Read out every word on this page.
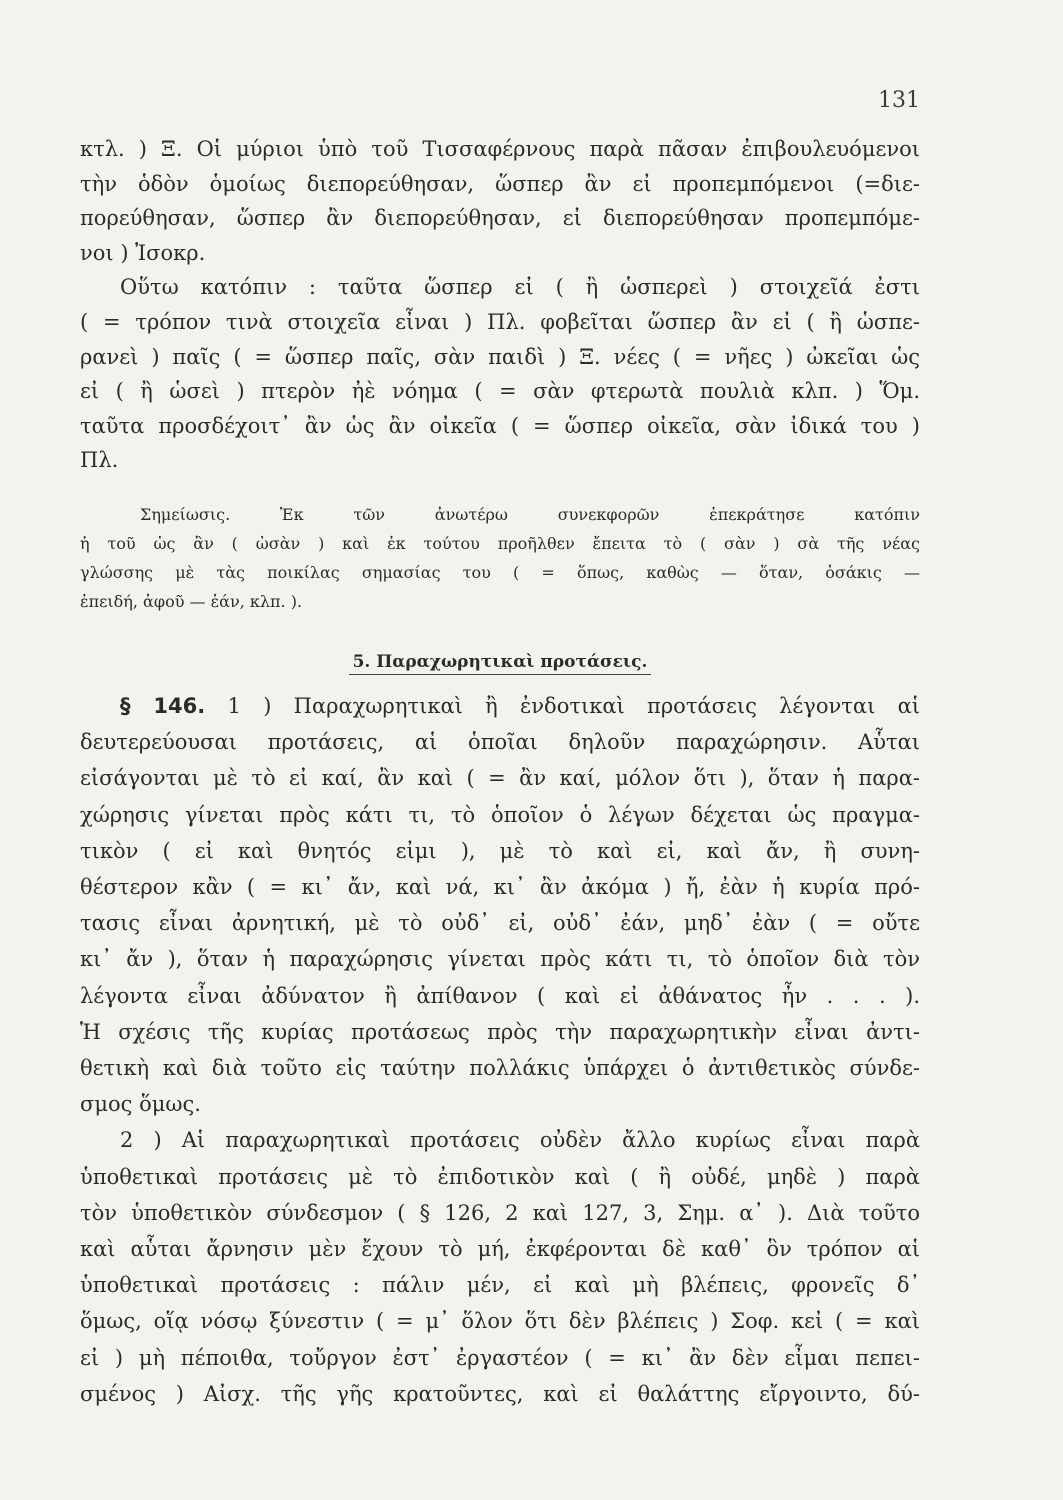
131
κτλ. ) Ξ. Οἱ μύριοι ὑπὸ τοῦ Τισσαφέρνους παρὰ πᾶσαν ἐπιβουλευόμενοι
τὴν ὁδὸν ὁμοίως διεπορεύθησαν, ὥσπερ ἂν εἰ προπεμπόμενοι (=διε-
πορεύθησαν, ὥσπερ ἂν διεπορεύθησαν, εἰ διεπορεύθησαν προπεμπόμε-
νοι ) Ἰσοκρ.
Οὕτω κατόπιν : ταῦτα ὥσπερ εἰ ( ἢ ὡσπερεὶ ) στοιχεῖά ἐστι
( = τρόπον τινὰ στοιχεῖα εἶναι ) Πλ. φοβεῖται ὥσπερ ἂν εἰ ( ἢ ὡσπε-
ρανεὶ ) παῖς ( = ὥσπερ παῖς, σὰν παιδὶ ) Ξ. νέες ( = νῆες ) ὠκεῖαι ὡς
εἰ ( ἢ ὡσεὶ ) πτερὸν ἠὲ νόημα ( = σὰν φτερωτὰ πουλιὰ κλπ. ) Ὅμ.
ταῦτα προσδέχοιτ᾽ ἂν ὡς ἂν οἰκεῖα ( = ὥσπερ οἰκεῖα, σὰν ἰδικά του )
Πλ.
Σημείωσις. Ἐκ τῶν ἀνωτέρω συνεκφορῶν ἐπεκράτησε κατόπιν
ἡ τοῦ ὡς ἂν ( ὡσὰν ) καὶ ἐκ τούτου προῆλθεν ἔπειτα τὸ ( σὰν ) σὰ τῆς νέας
γλώσσης μὲ τὰς ποικίλας σημασίας του ( = ὅπως, καθὼς — ὅταν, ὁσάκις —
ἐπειδή, ἀφοῦ — ἐάν, κλπ. ).
5. Παραχωρητικαὶ προτάσεις.
§ 146. 1 ) Παραχωρητικαὶ ἢ ἐνδοτικαὶ προτάσεις λέγονται αἱ
δευτερεύουσαι προτάσεις, αἱ ὁποῖαι δηλοῦν παραχώρησιν. Αὗται
εἰσάγονται μὲ τὸ εἰ καί, ἂν καὶ ( = ἂν καί, μόλον ὅτι ), ὅταν ἡ παρα-
χώρησις γίνεται πρὸς κάτι τι, τὸ ὁποῖον ὁ λέγων δέχεται ὡς πραγμα-
τικὸν ( εἰ καὶ θνητός εἰμι ), μὲ τὸ καὶ εἰ, καὶ ἄν, ἢ συνη-
θέστερον κἂν ( = κι᾽ ἄν, καὶ νά, κι᾽ ἂν ἀκόμα ) ἤ, ἐὰν ἡ κυρία πρό-
τασις εἶναι ἀρνητική, μὲ τὸ οὐδ᾽ εἰ, οὐδ᾽ ἐάν, μηδ᾽ ἐὰν ( = οὔτε
κι᾽ ἄν ), ὅταν ἡ παραχώρησις γίνεται πρὸς κάτι τι, τὸ ὁποῖον διὰ τὸν
λέγοντα εἶναι ἀδύνατον ἢ ἀπίθανον ( καὶ εἰ ἀθάνατος ἦν . . . ).
Ἡ σχέσις τῆς κυρίας προτάσεως πρὸς τὴν παραχωρητικὴν εἶναι ἀντι-
θετικὴ καὶ διὰ τοῦτο εἰς ταύτην πολλάκις ὑπάρχει ὁ ἀντιθετικὸς σύνδε-
σμος ὅμως.
2 ) Αἱ παραχωρητικαὶ προτάσεις οὐδὲν ἄλλο κυρίως εἶναι παρὰ
ὑποθετικαὶ προτάσεις μὲ τὸ ἐπιδοτικὸν καὶ ( ἢ οὐδέ, μηδὲ ) παρὰ
τὸν ὑποθετικὸν σύνδεσμον ( § 126, 2 καὶ 127, 3, Σημ. α᾽ ). Διὰ τοῦτο
καὶ αὗται ἄρνησιν μὲν ἔχουν τὸ μή, ἐκφέρονται δὲ καθ᾽ ὃν τρόπον αἱ
ὑποθετικαὶ προτάσεις : πάλιν μέν, εἰ καὶ μὴ βλέπεις, φρονεῖς δ᾽
ὅμως, οἵᾳ νόσῳ ξύνεστιν ( = μ᾽ ὅλον ὅτι δὲν βλέπεις ) Σοφ. κεἰ ( = καὶ
εἰ ) μὴ πέποιθα, τοὔργον ἐστ᾽ ἐργαστέον ( = κι᾽ ἂν δὲν εἶμαι πεπει-
σμένος ) Αἰσχ. τῆς γῆς κρατοῦντες, καὶ εἰ θαλάττης εἴργοιντο, δύ-
